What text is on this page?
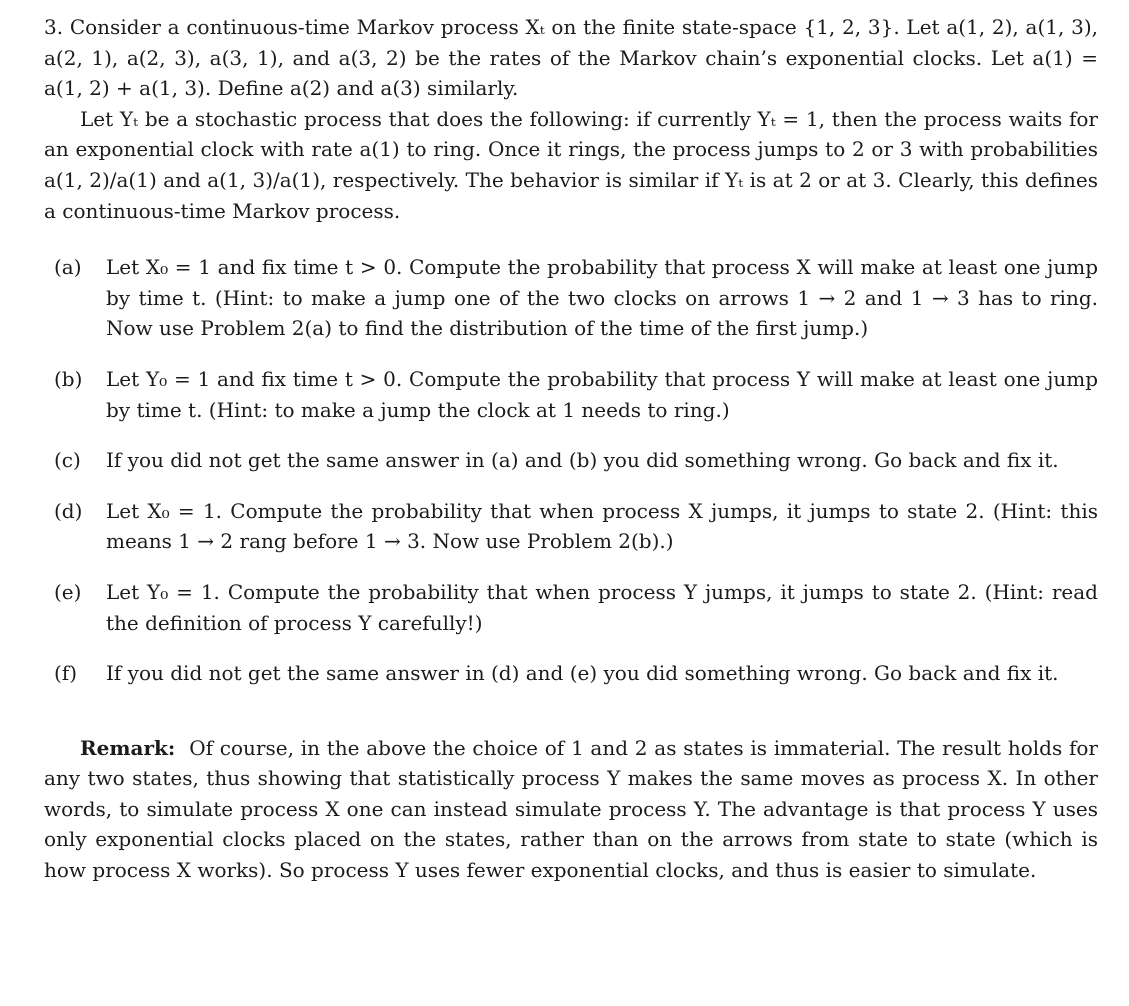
3. Consider a continuous-time Markov process Xₜ on the finite state-space {1, 2, 3}. Let a(1, 2), a(1, 3), a(2, 1), a(2, 3), a(3, 1), and a(3, 2) be the rates of the Markov chain’s exponential clocks. Let a(1) = a(1, 2) + a(1, 3). Define a(2) and a(3) similarly.

Let Yₜ be a stochastic process that does the following: if currently Yₜ = 1, then the process waits for an exponential clock with rate a(1) to ring. Once it rings, the process jumps to 2 or 3 with probabilities a(1, 2)/a(1) and a(1, 3)/a(1), respectively. The behavior is similar if Yₜ is at 2 or at 3. Clearly, this defines a continuous-time Markov process.

(a)	Let X₀ = 1 and fix time t > 0. Compute the probability that process X will make at least one jump by time t. (Hint: to make a jump one of the two clocks on arrows 1 → 2 and 1 → 3 has to ring. Now use Problem 2(a) to find the distribution of the time of the first jump.)
(b)	Let Y₀ = 1 and fix time t > 0. Compute the probability that process Y will make at least one jump by time t. (Hint: to make a jump the clock at 1 needs to ring.)
(c)	If you did not get the same answer in (a) and (b) you did something wrong. Go back and fix it.
(d)	Let X₀ = 1. Compute the probability that when process X jumps, it jumps to state 2. (Hint: this means 1 → 2 rang before 1 → 3. Now use Problem 2(b).)
(e)	Let Y₀ = 1. Compute the probability that when process Y jumps, it jumps to state 2. (Hint: read the definition of process Y carefully!)
(f)	If you did not get the same answer in (d) and (e) you did something wrong. Go back and fix it.

Remark: Of course, in the above the choice of 1 and 2 as states is immaterial. The result holds for any two states, thus showing that statistically process Y makes the same moves as process X. In other words, to simulate process X one can instead simulate process Y. The advantage is that process Y uses only exponential clocks placed on the states, rather than on the arrows from state to state (which is how process X works). So process Y uses fewer exponential clocks, and thus is easier to simulate.
